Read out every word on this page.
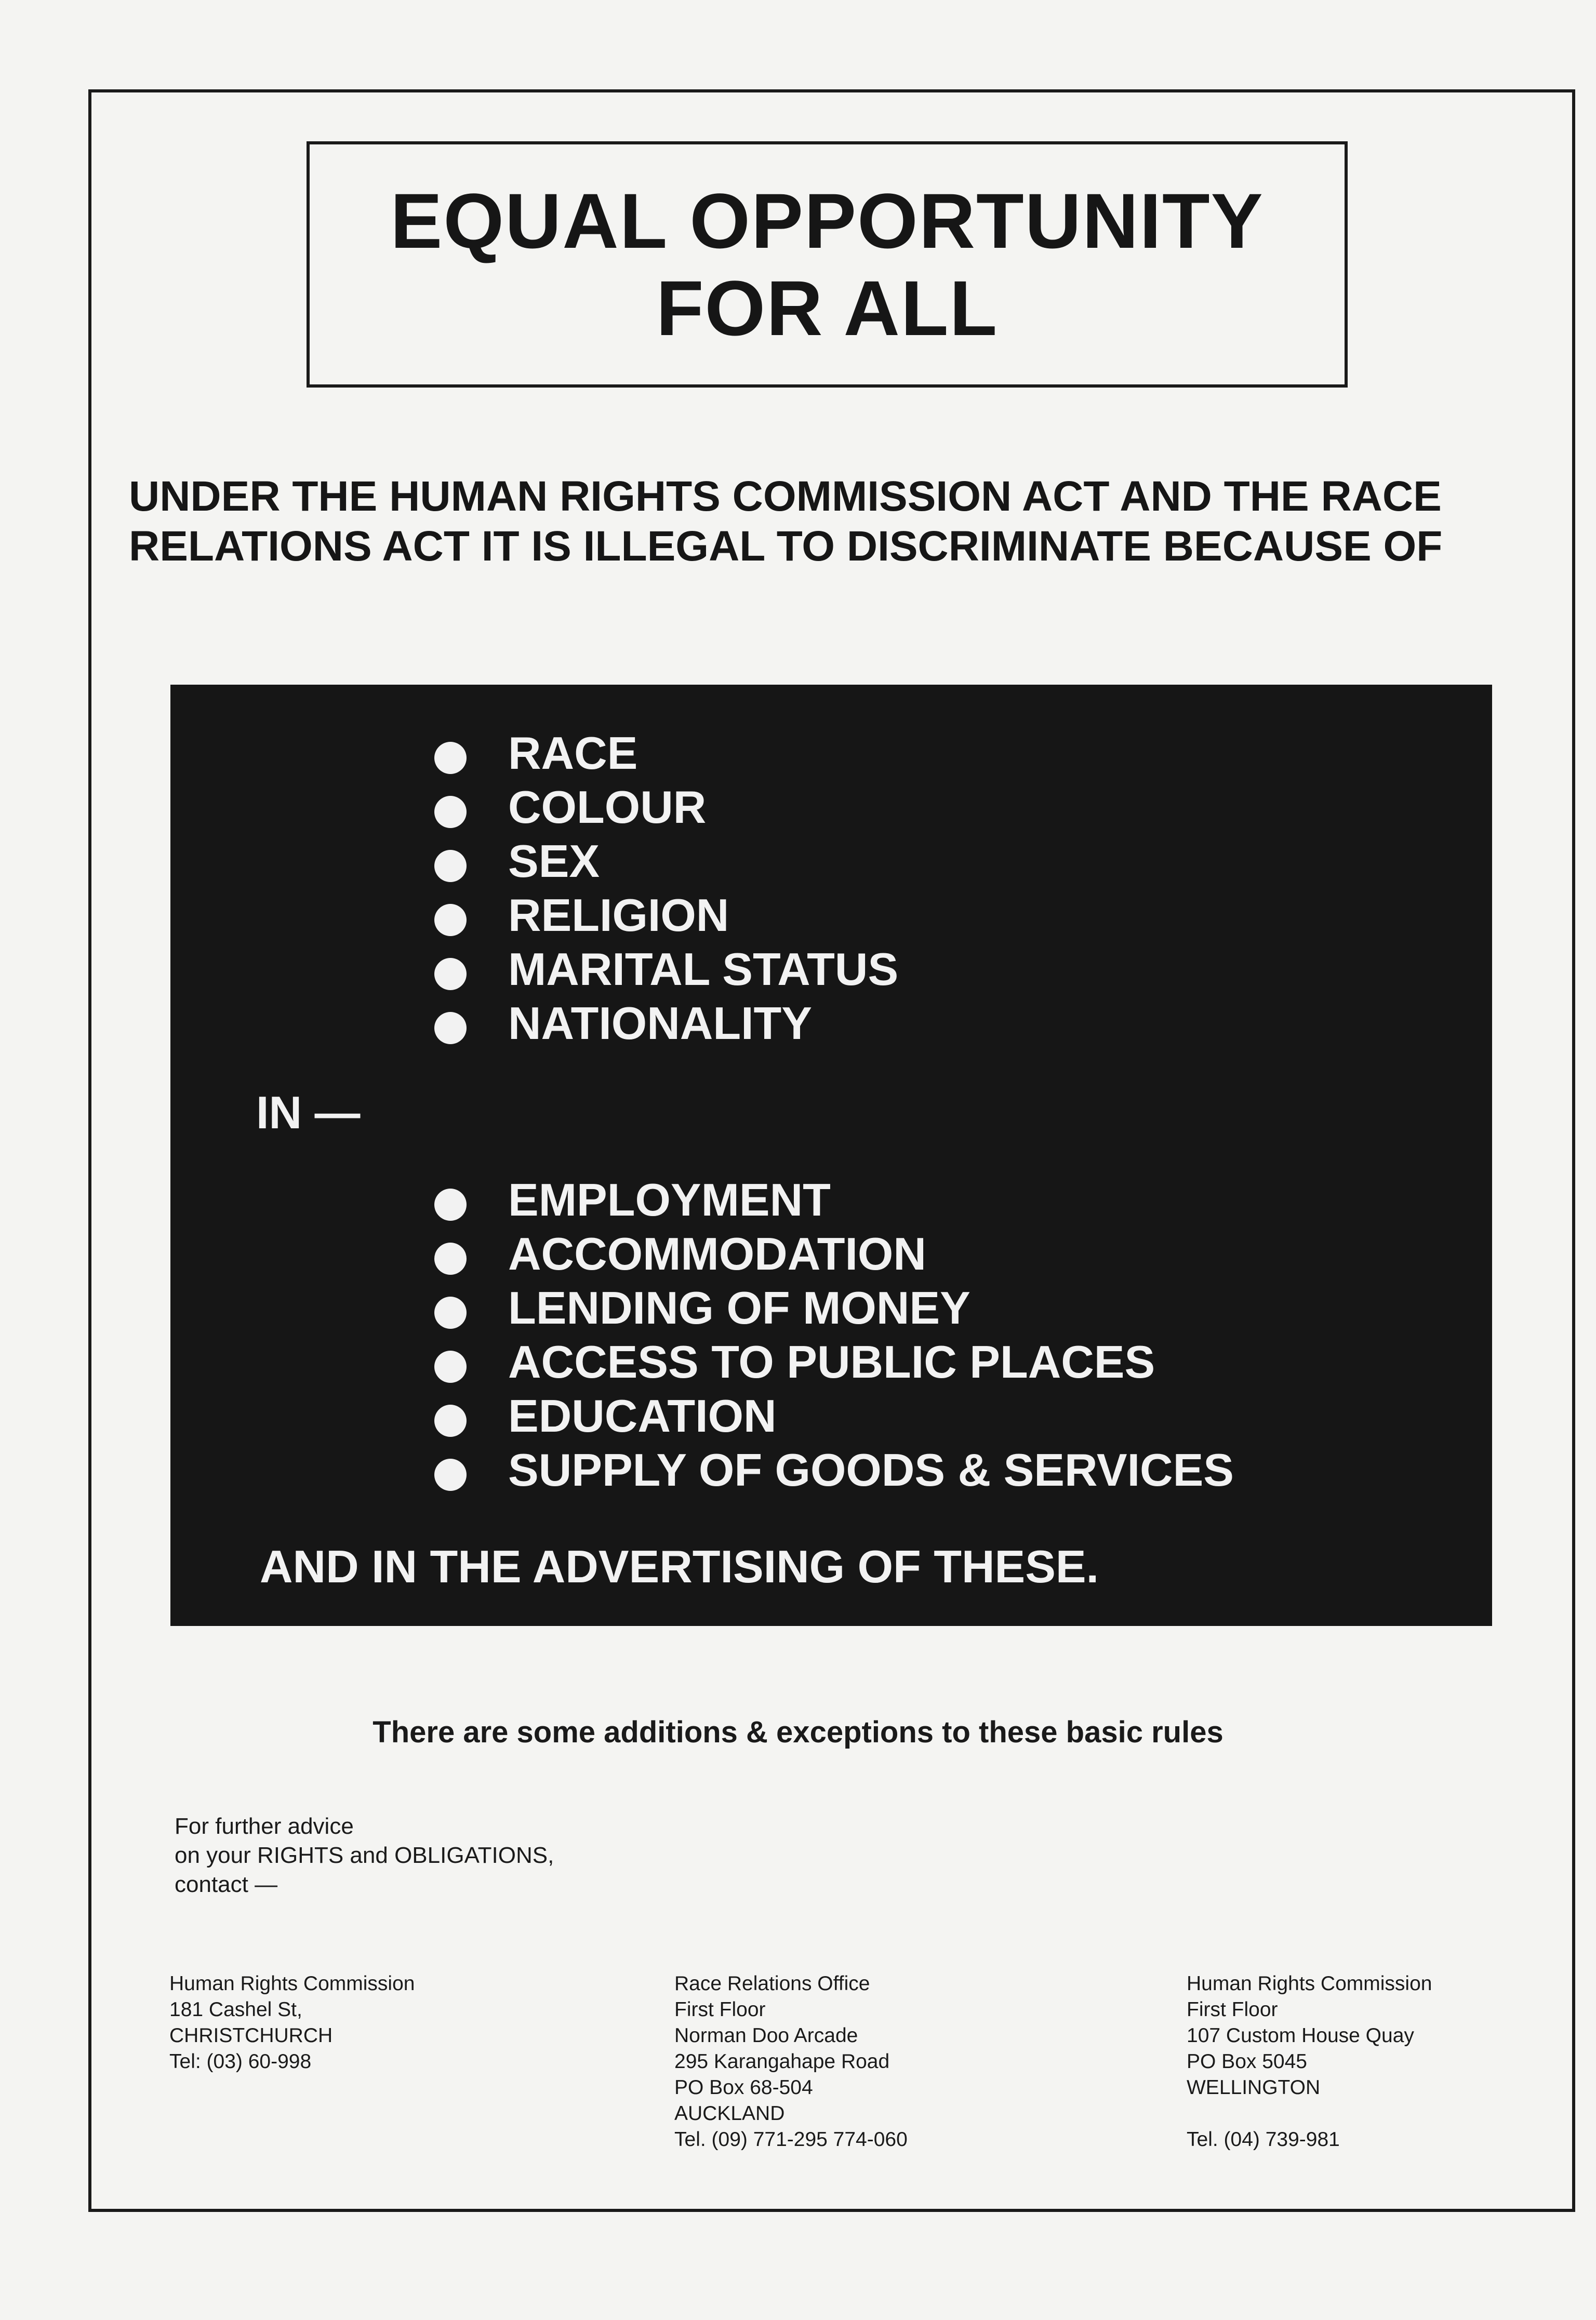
EQUAL OPPORTUNITY
FOR ALL
UNDER THE HUMAN RIGHTS COMMISSION ACT AND THE RACE
RELATIONS ACT IT IS ILLEGAL TO DISCRIMINATE BECAUSE OF
RACE
COLOUR
SEX
RELIGION
MARITAL STATUS
NATIONALITY
IN —
EMPLOYMENT
ACCOMMODATION
LENDING OF MONEY
ACCESS TO PUBLIC PLACES
EDUCATION
SUPPLY OF GOODS & SERVICES
AND IN THE ADVERTISING OF THESE.
There are some additions & exceptions to these basic rules
For further advice
on your RIGHTS and OBLIGATIONS,
contact —
Human Rights Commission
181 Cashel St,
CHRISTCHURCH
Tel: (03) 60-998
Race Relations Office
First Floor
Norman Doo Arcade
295 Karangahape Road
PO Box 68-504
AUCKLAND
Tel. (09) 771-295 774-060
Human Rights Commission
First Floor
107 Custom House Quay
PO Box 5045
WELLINGTON
Tel. (04) 739-981
